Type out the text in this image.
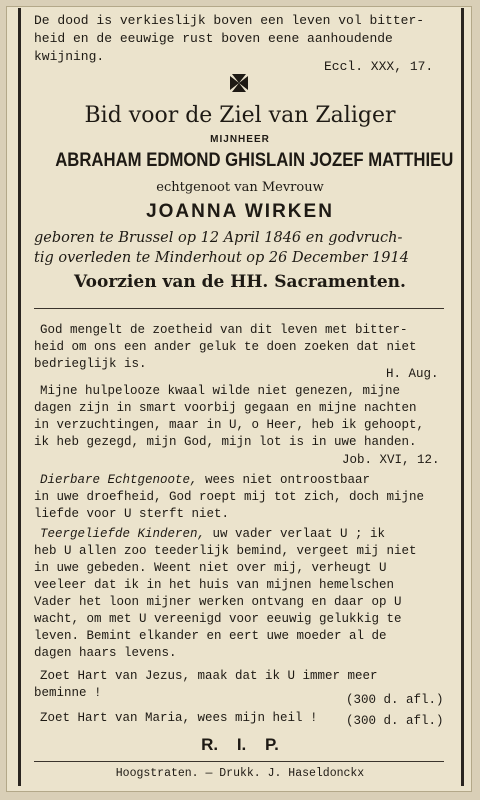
De dood is verkieslijk boven een leven vol bitter-
heid en de eeuwige rust boven eene aanhoudende
kwijning.
Eccl. XXX, 17.
Bid voor de Ziel van Zaliger
MIJNHEER
ABRAHAM EDMOND GHISLAIN JOZEF MATTHIEU
echtgenoot van Mevrouw
JOANNA WIRKEN
geboren te Brussel op 12 April 1846 en godvruch-
tig overleden te Minderhout op 26 December 1914
Voorzien van de HH. Sacramenten.
God mengelt de zoetheid van dit leven met bitter-
heid om ons een ander geluk te doen zoeken dat niet
bedrieglijk is.
H. Aug.
Mijne hulpelooze kwaal wilde niet genezen, mijne
dagen zijn in smart voorbij gegaan en mijne nachten
in verzuchtingen, maar in U, o Heer, heb ik gehoopt,
ik heb gezegd, mijn God, mijn lot is in uwe handen.
Job. XVI, 12.
Dierbare Echtgenoote, wees niet ontroostbaar
in uwe droefheid, God roept mij tot zich, doch mijne
liefde voor U sterft niet.
Teergeliefde Kinderen, uw vader verlaat U ; ik
heb U allen zoo teederlijk bemind, vergeet mij niet
in uwe gebeden. Weent niet over mij, verheugt U
veeleer dat ik in het huis van mijnen hemelschen
Vader het loon mijner werken ontvang en daar op U
wacht, om met U vereenigd voor eeuwig gelukkig te
leven. Bemint elkander en eert uwe moeder al de
dagen haars levens.
Zoet Hart van Jezus, maak dat ik U immer meer
beminne !	(300 d. afl.)
Zoet Hart van Maria, wees mijn heil ! (300 d. afl.)
R. I. P.
Hoogstraten. — Drukk. J. Haseldonckx
